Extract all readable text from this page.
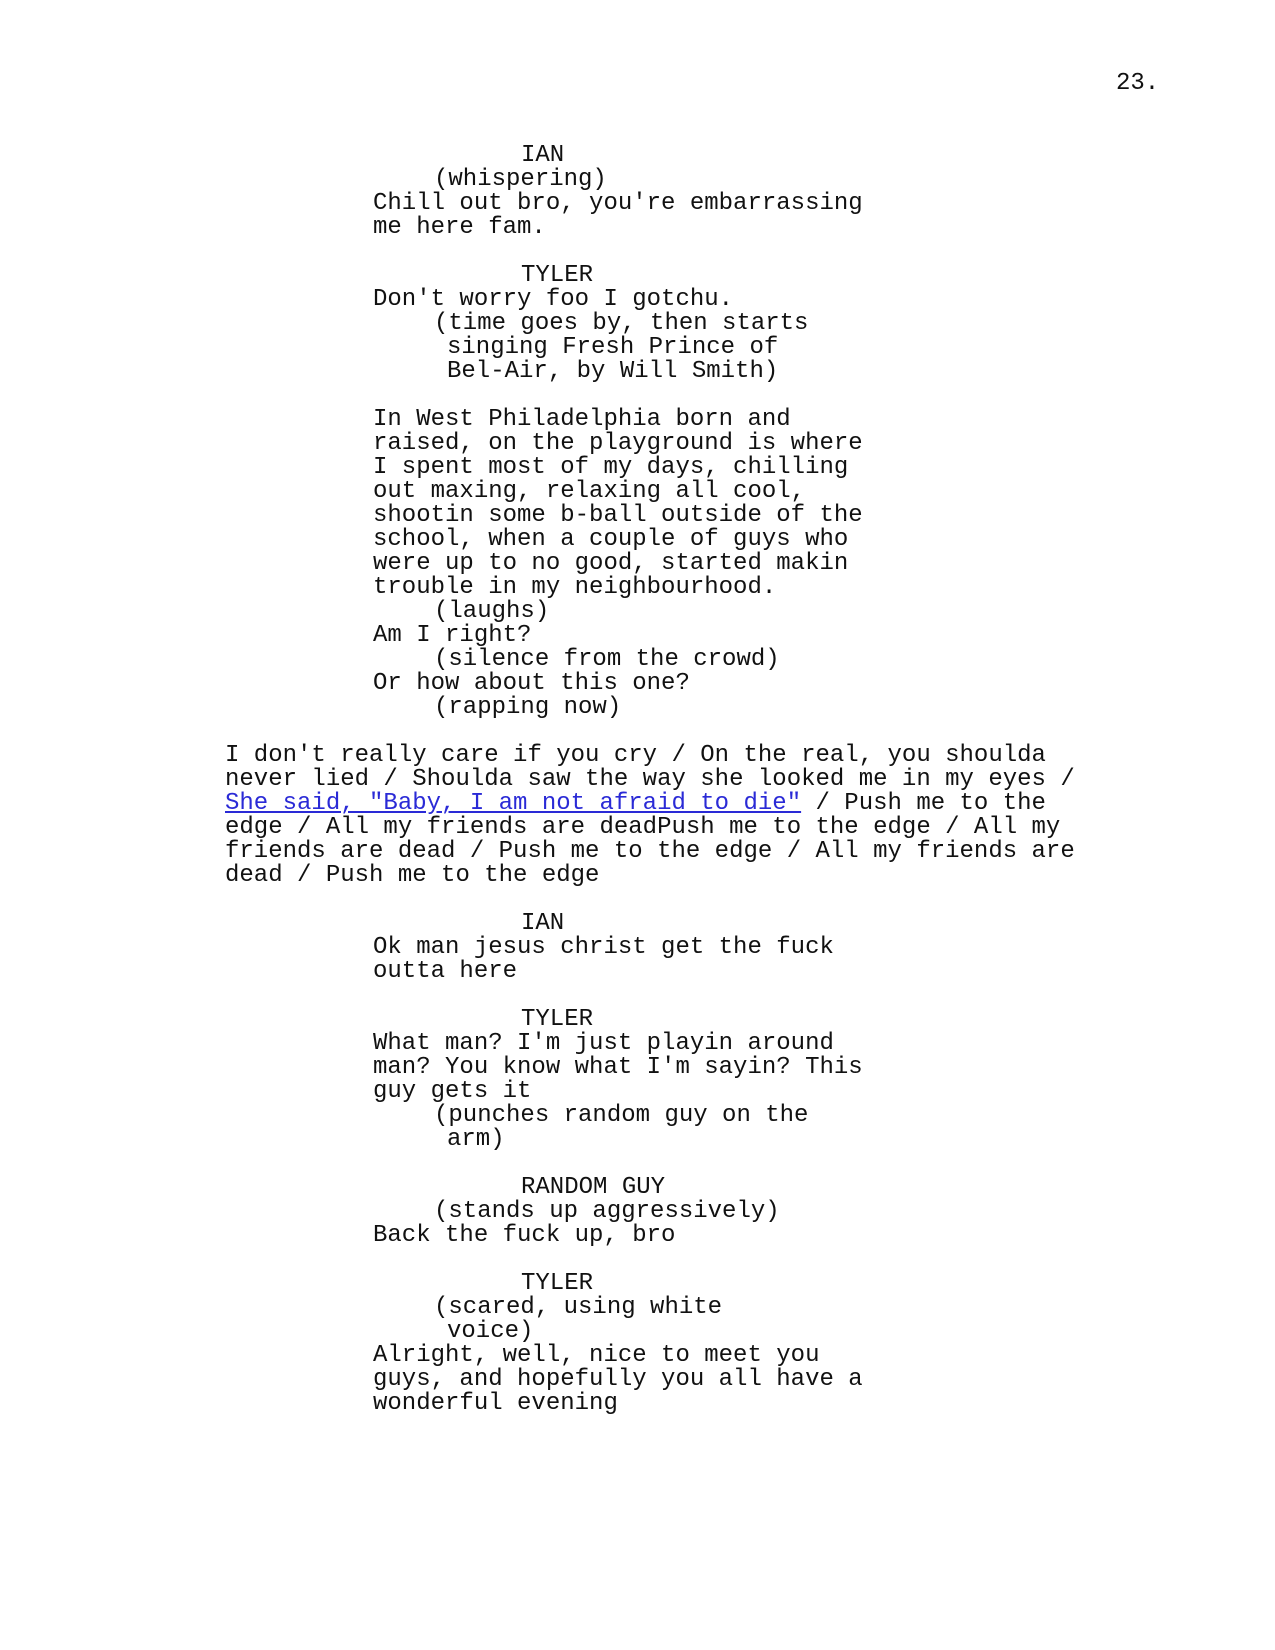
23.
IAN
(whispering)
Chill out bro, you're embarrassing
me here fam.
TYLER
Don't worry foo I gotchu.
(time goes by, then starts
singing Fresh Prince of
Bel-Air, by Will Smith)
In West Philadelphia born and
raised, on the playground is where
I spent most of my days, chilling
out maxing, relaxing all cool,
shootin some b-ball outside of the
school, when a couple of guys who
were up to no good, started makin
trouble in my neighbourhood.
(laughs)
Am I right?
(silence from the crowd)
Or how about this one?
(rapping now)
I don't really care if you cry / On the real, you shoulda
never lied / Shoulda saw the way she looked me in my eyes /
She said, "Baby, I am not afraid to die" / Push me to the
edge / All my friends are deadPush me to the edge / All my
friends are dead / Push me to the edge / All my friends are
dead / Push me to the edge
IAN
Ok man jesus christ get the fuck
outta here
TYLER
What man? I'm just playin around
man? You know what I'm sayin? This
guy gets it
(punches random guy on the
arm)
RANDOM GUY
(stands up aggressively)
Back the fuck up, bro
TYLER
(scared, using white
voice)
Alright, well, nice to meet you
guys, and hopefully you all have a
wonderful evening
